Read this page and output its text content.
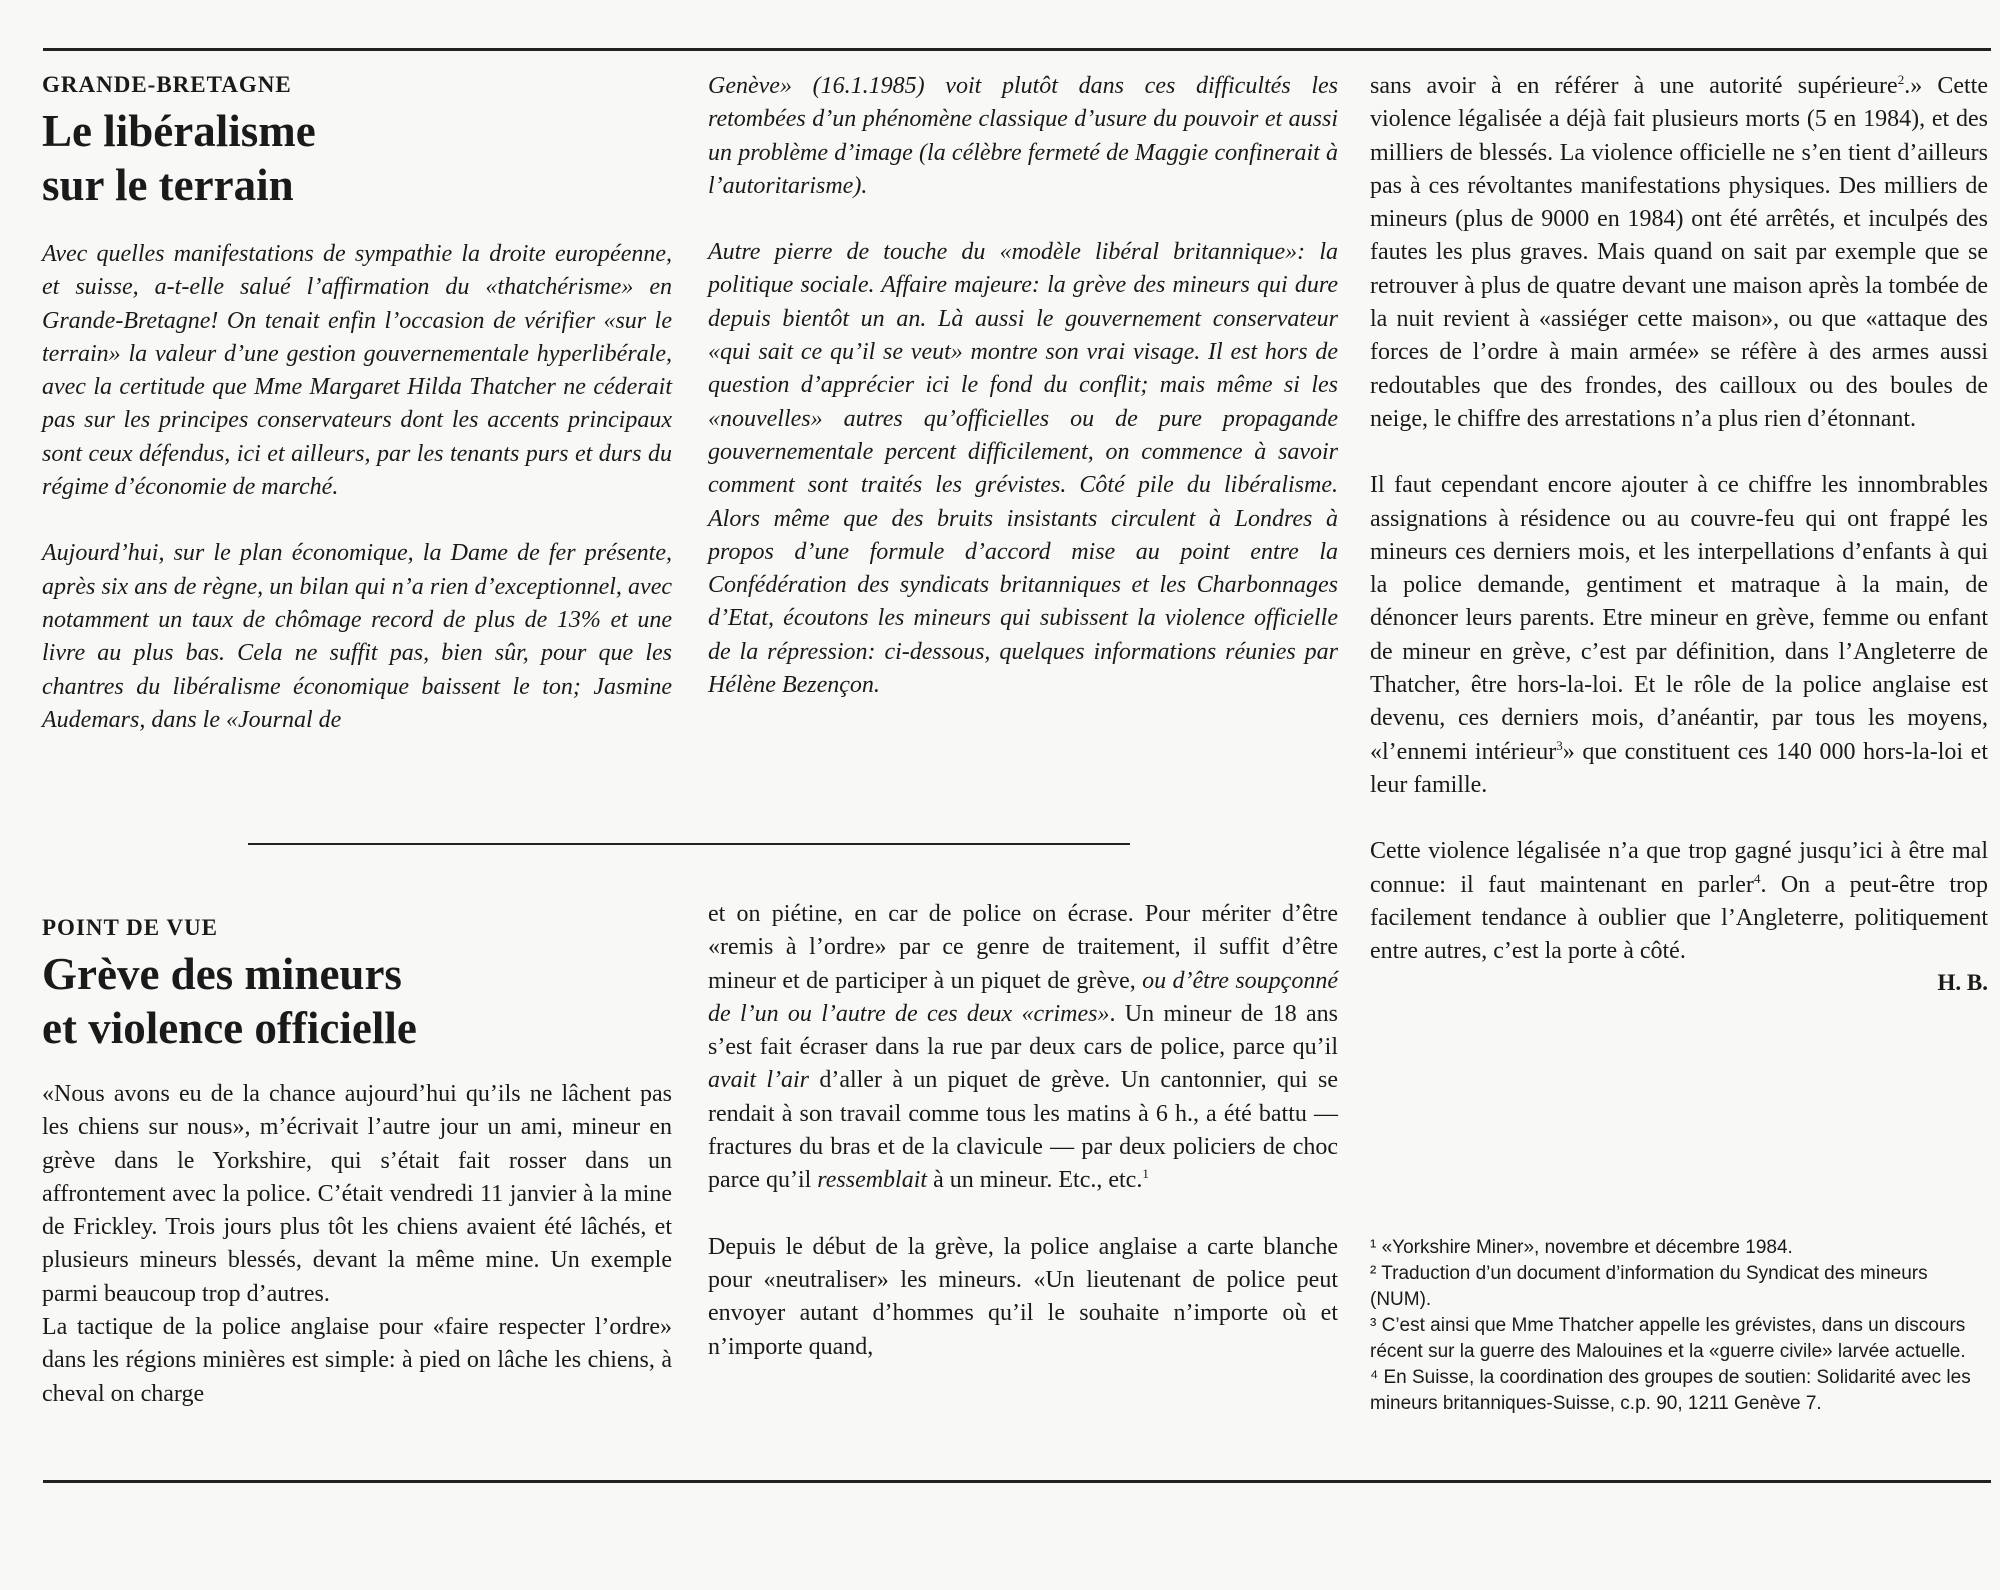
GRANDE-BRETAGNE

Le libéralisme
sur le terrain

Avec quelles manifestations de sympathie la droite européenne, et suisse, a-t-elle salué l’affirmation du «thatchérisme» en Grande-Bretagne! On tenait enfin l’occasion de vérifier «sur le terrain» la valeur d’une gestion gouvernementale hyperlibérale, avec la certitude que Mme Margaret Hilda Thatcher ne céderait pas sur les principes conservateurs dont les accents principaux sont ceux défendus, ici et ailleurs, par les tenants purs et durs du régime d’économie de marché.

Aujourd’hui, sur le plan économique, la Dame de fer présente, après six ans de règne, un bilan qui n’a rien d’exceptionnel, avec notamment un taux de chômage record de plus de 13% et une livre au plus bas. Cela ne suffit pas, bien sûr, pour que les chantres du libéralisme économique baissent le ton; Jasmine Audemars, dans le «Journal de

Genève» (16.1.1985) voit plutôt dans ces difficultés les retombées d’un phénomène classique d’usure du pouvoir et aussi un problème d’image (la célèbre fermeté de Maggie confinerait à l’autoritarisme).

Autre pierre de touche du «modèle libéral britannique»: la politique sociale. Affaire majeure: la grève des mineurs qui dure depuis bientôt un an. Là aussi le gouvernement conservateur «qui sait ce qu’il se veut» montre son vrai visage. Il est hors de question d’apprécier ici le fond du conflit; mais même si les «nouvelles» autres qu’officielles ou de pure propagande gouvernementale percent difficilement, on commence à savoir comment sont traités les grévistes. Côté pile du libéralisme. Alors même que des bruits insistants circulent à Londres à propos d’une formule d’accord mise au point entre la Confédération des syndicats britanniques et les Charbonnages d’Etat, écoutons les mineurs qui subissent la violence officielle de la répression: ci-dessous, quelques informations réunies par Hélène Bezençon.

POINT DE VUE

Grève des mineurs
et violence officielle

«Nous avons eu de la chance aujourd’hui qu’ils ne lâchent pas les chiens sur nous», m’écrivait l’autre jour un ami, mineur en grève dans le Yorkshire, qui s’était fait rosser dans un affrontement avec la police. C’était vendredi 11 janvier à la mine de Frickley. Trois jours plus tôt les chiens avaient été lâchés, et plusieurs mineurs blessés, devant la même mine. Un exemple parmi beaucoup trop d’autres.

La tactique de la police anglaise pour «faire respecter l’ordre» dans les régions minières est simple: à pied on lâche les chiens, à cheval on charge

et on piétine, en car de police on écrase. Pour mériter d’être «remis à l’ordre» par ce genre de traitement, il suffit d’être mineur et de participer à un piquet de grève, ou d’être soupçonné de l’un ou l’autre de ces deux «crimes». Un mineur de 18 ans s’est fait écraser dans la rue par deux cars de police, parce qu’il avait l’air d’aller à un piquet de grève. Un cantonnier, qui se rendait à son travail comme tous les matins à 6 h., a été battu — fractures du bras et de la clavicule — par deux policiers de choc parce qu’il ressemblait à un mineur. Etc., etc.$^1$

Depuis le début de la grève, la police anglaise a carte blanche pour «neutraliser» les mineurs. «Un lieutenant de police peut envoyer autant d’hommes qu’il le souhaite n’importe où et n’importe quand,

sans avoir à en référer à une autorité supérieure$^2$.» Cette violence légalisée a déjà fait plusieurs morts (5 en 1984), et des milliers de blessés. La violence officielle ne s’en tient d’ailleurs pas à ces révoltantes manifestations physiques. Des milliers de mineurs (plus de 9000 en 1984) ont été arrêtés, et inculpés des fautes les plus graves. Mais quand on sait par exemple que se retrouver à plus de quatre devant une maison après la tombée de la nuit revient à «assiéger cette maison», ou que «attaque des forces de l’ordre à main armée» se réfère à des armes aussi redoutables que des frondes, des cailloux ou des boules de neige, le chiffre des arrestations n’a plus rien d’étonnant.

Il faut cependant encore ajouter à ce chiffre les innombrables assignations à résidence ou au couvre-feu qui ont frappé les mineurs ces derniers mois, et les interpellations d’enfants à qui la police demande, gentiment et matraque à la main, de dénoncer leurs parents. Etre mineur en grève, femme ou enfant de mineur en grève, c’est par définition, dans l’Angleterre de Thatcher, être hors-la-loi. Et le rôle de la police anglaise est devenu, ces derniers mois, d’anéantir, par tous les moyens, «l’ennemi intérieur$^3$» que constituent ces 140 000 hors-la-loi et leur famille.

Cette violence légalisée n’a que trop gagné jusqu’ici à être mal connue: il faut maintenant en parler$^4$. On a peut-être trop facilement tendance à oublier que l’Angleterre, politiquement entre autres, c’est la porte à côté.

H. B.

¹ «Yorkshire Miner», novembre et décembre 1984.

² Traduction d’un document d’information du Syndicat des mineurs (NUM).

³ C’est ainsi que Mme Thatcher appelle les grévistes, dans un discours récent sur la guerre des Malouines et la «guerre civile» larvée actuelle.

⁴ En Suisse, la coordination des groupes de soutien: Solidarité avec les mineurs britanniques-Suisse, c.p. 90, 1211 Genève 7.
